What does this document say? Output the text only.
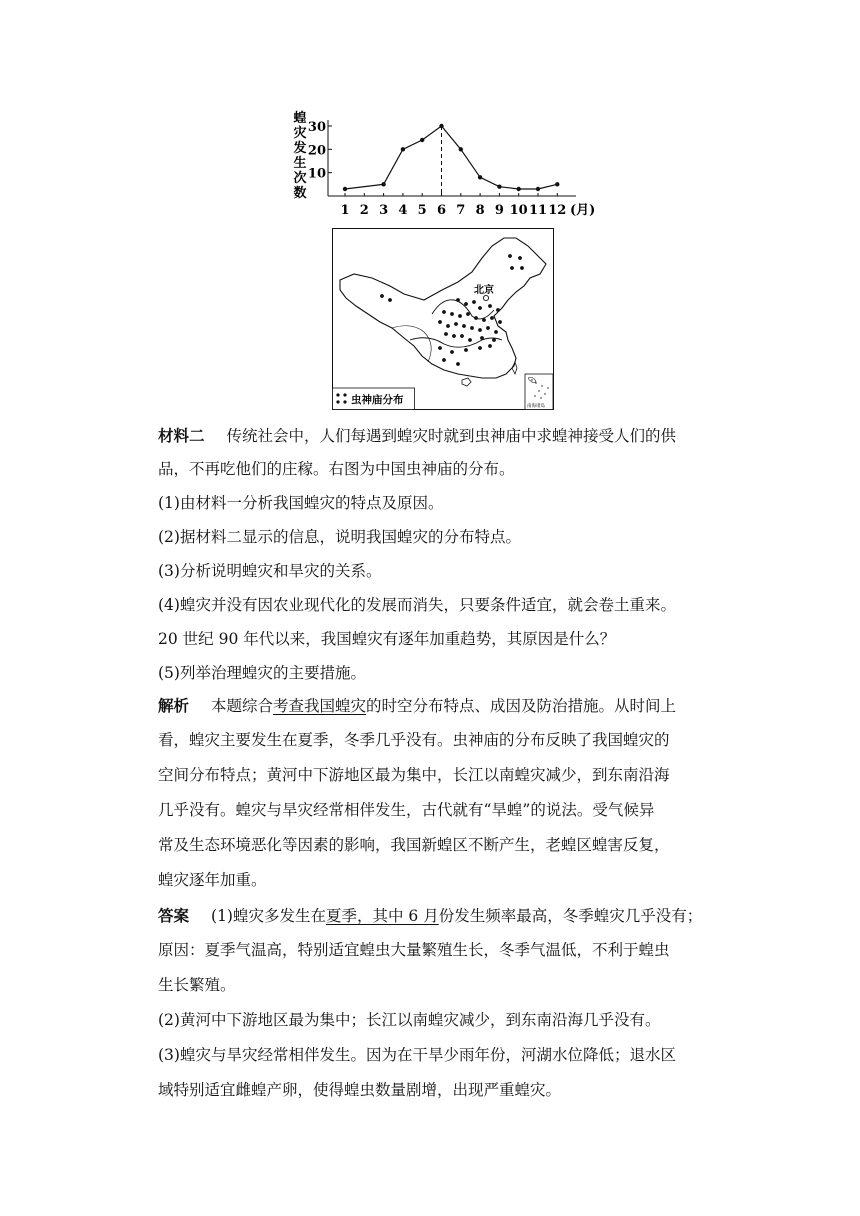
蝗灾发生次数
10
20
30
1 2 3 4 5 6 7 8 9 10 11 12 (月)
北京
虫神庙分布
南海诸岛
材料二 传统社会中，人们每遇到蝗灾时就到虫神庙中求蝗神接受人们的供
品，不再吃他们的庄稼。右图为中国虫神庙的分布。
(1)由材料一分析我国蝗灾的特点及原因。
(2)据材料二显示的信息，说明我国蝗灾的分布特点。
(3)分析说明蝗灾和旱灾的关系。
(4)蝗灾并没有因农业现代化的发展而消失，只要条件适宜，就会卷土重来。
20 世纪 90 年代以来，我国蝗灾有逐年加重趋势，其原因是什么？
(5)列举治理蝗灾的主要措施。
解析 本题综合考查我国蝗灾的时空分布特点、成因及防治措施。从时间上
看，蝗灾主要发生在夏季，冬季几乎没有。虫神庙的分布反映了我国蝗灾的
空间分布特点；黄河中下游地区最为集中，长江以南蝗灾减少，到东南沿海
几乎没有。蝗灾与旱灾经常相伴发生，古代就有“旱蝗”的说法。受气候异
常及生态环境恶化等因素的影响，我国新蝗区不断产生，老蝗区蝗害反复，
蝗灾逐年加重。
答案 (1)蝗灾多发生在夏季，其中 6 月份发生频率最高，冬季蝗灾几乎没有；
原因：夏季气温高，特别适宜蝗虫大量繁殖生长，冬季气温低，不利于蝗虫
生长繁殖。
(2)黄河中下游地区最为集中；长江以南蝗灾减少，到东南沿海几乎没有。
(3)蝗灾与旱灾经常相伴发生。因为在干旱少雨年份，河湖水位降低；退水区
域特别适宜雌蝗产卵，使得蝗虫数量剧增，出现严重蝗灾。
